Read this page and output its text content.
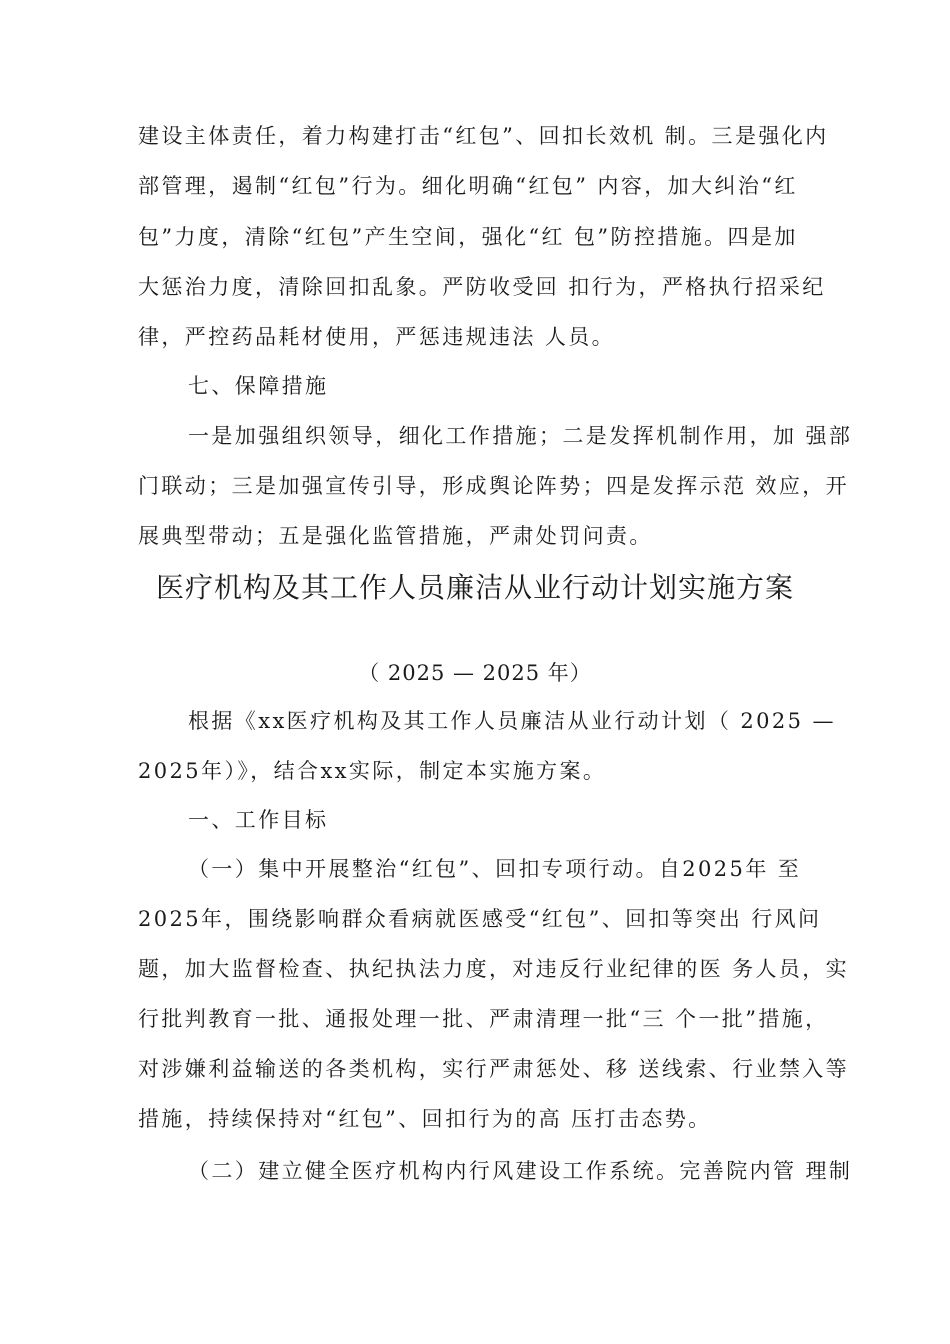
建设主体责任，着力构建打击“红包”、回扣长效机 制。三是强化内
部管理，遏制“红包”行为。细化明确“红包” 内容，加大纠治“红
包”力度，清除“红包”产生空间，强化“红 包”防控措施。四是加
大惩治力度，清除回扣乱象。严防收受回 扣行为，严格执行招采纪
律，严控药品耗材使用，严惩违规违法 人员。
七、保障措施
一是加强组织领导，细化工作措施；二是发挥机制作用，加 强部
门联动；三是加强宣传引导，形成舆论阵势；四是发挥示范 效应，开
展典型带动；五是强化监管措施，严肃处罚问责。
医疗机构及其工作人员廉洁从业行动计划实施方案
（ 2025 — 2025 年）
根据《xx医疗机构及其工作人员廉洁从业行动计划（ 2025 —
2025年）》，结合xx实际，制定本实施方案。
一、工作目标
（一）集中开展整治“红包”、回扣专项行动。自2025年 至
2025年，围绕影响群众看病就医感受“红包”、回扣等突出 行风问
题，加大监督检查、执纪执法力度，对违反行业纪律的医 务人员，实
行批判教育一批、通报处理一批、严肃清理一批“三 个一批”措施，
对涉嫌利益输送的各类机构，实行严肃惩处、移 送线索、行业禁入等
措施，持续保持对“红包”、回扣行为的高 压打击态势。
（二）建立健全医疗机构内行风建设工作系统。完善院内管 理制
